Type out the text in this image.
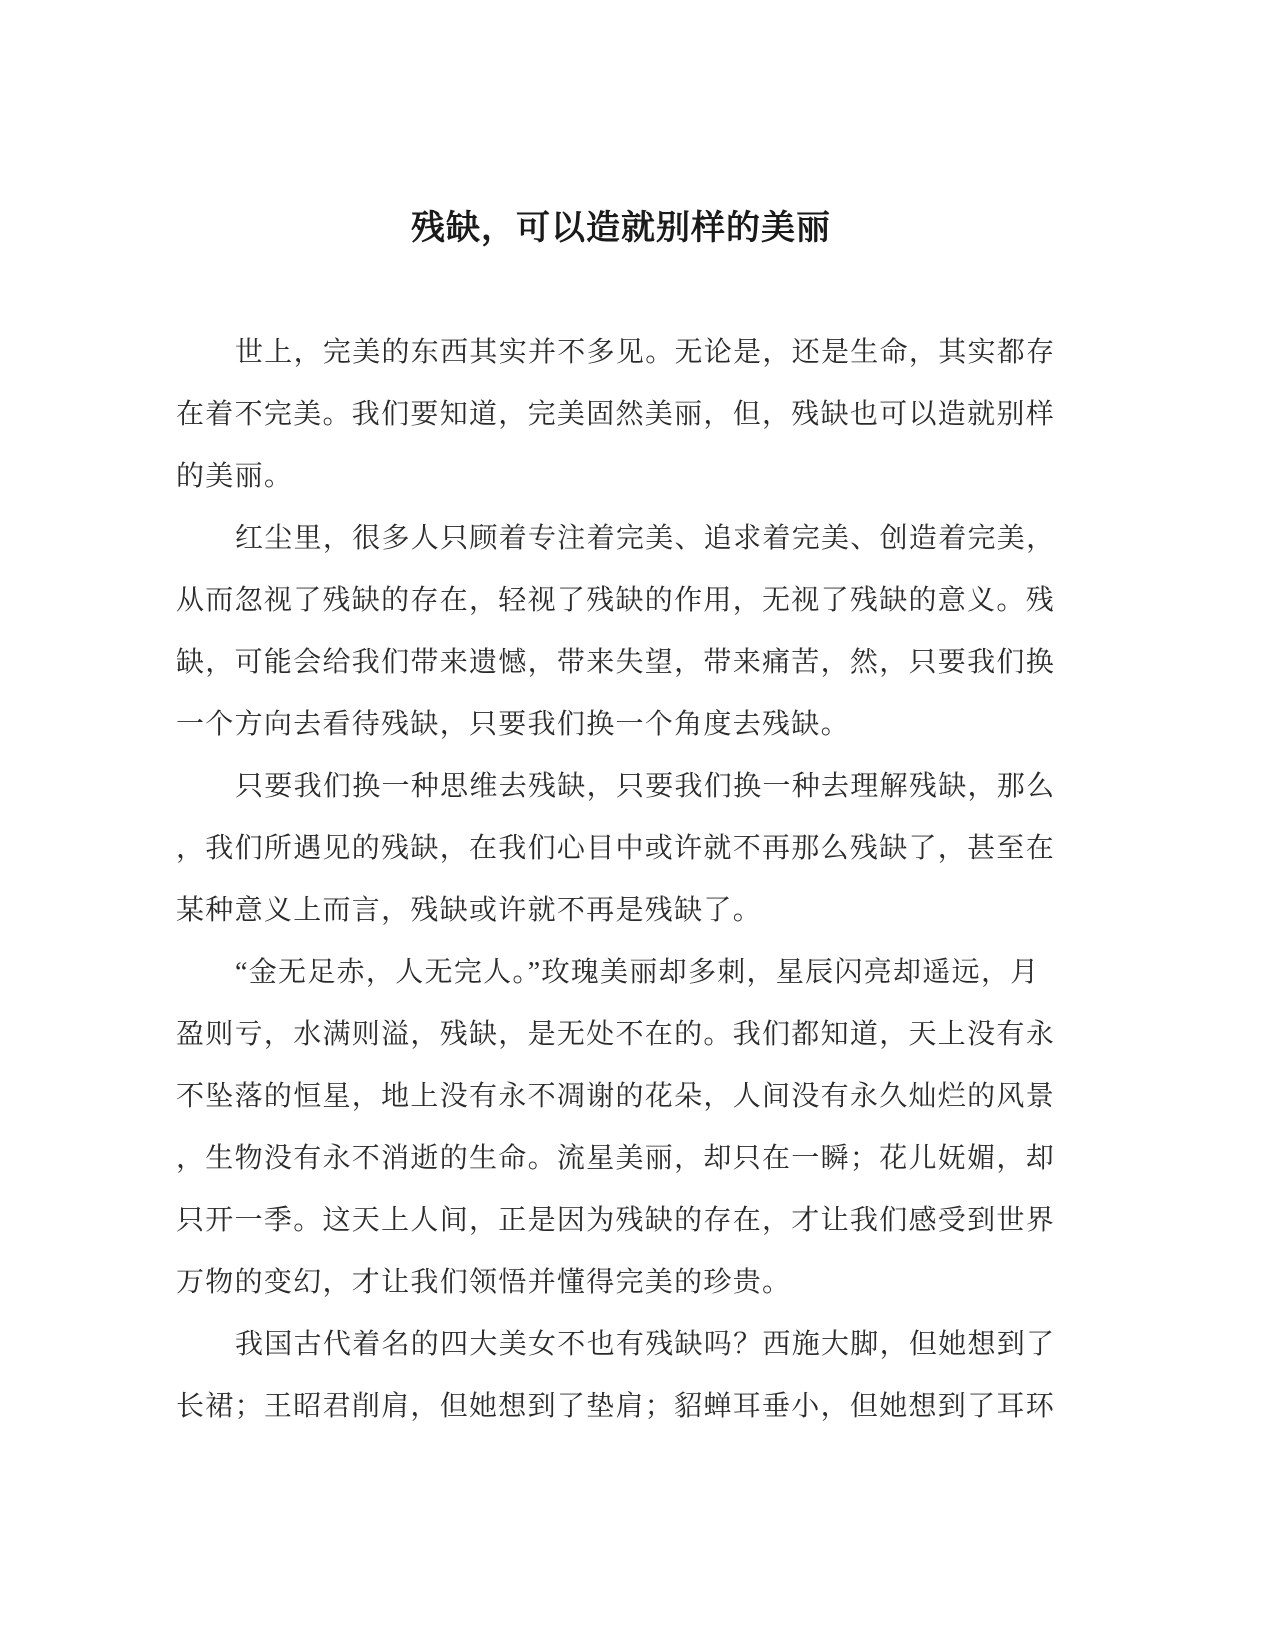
残缺，可以造就别样的美丽
世上，完美的东西其实并不多见。无论是，还是生命，其实都存
在着不完美。我们要知道，完美固然美丽，但，残缺也可以造就别样
的美丽。
红尘里，很多人只顾着专注着完美、追求着完美、创造着完美，
从而忽视了残缺的存在，轻视了残缺的作用，无视了残缺的意义。残
缺，可能会给我们带来遗憾，带来失望，带来痛苦，然，只要我们换
一个方向去看待残缺，只要我们换一个角度去残缺。
只要我们换一种思维去残缺，只要我们换一种去理解残缺，那么
，我们所遇见的残缺，在我们心目中或许就不再那么残缺了，甚至在
某种意义上而言，残缺或许就不再是残缺了。
“金无足赤，人无完人。”玫瑰美丽却多刺，星辰闪亮却遥远，月
盈则亏，水满则溢，残缺，是无处不在的。我们都知道，天上没有永
不坠落的恒星，地上没有永不凋谢的花朵，人间没有永久灿烂的风景
，生物没有永不消逝的生命。流星美丽，却只在一瞬；花儿妩媚，却
只开一季。这天上人间，正是因为残缺的存在，才让我们感受到世界
万物的变幻，才让我们领悟并懂得完美的珍贵。
我国古代着名的四大美女不也有残缺吗？西施大脚，但她想到了
长裙；王昭君削肩，但她想到了垫肩；貂蝉耳垂小，但她想到了耳环
